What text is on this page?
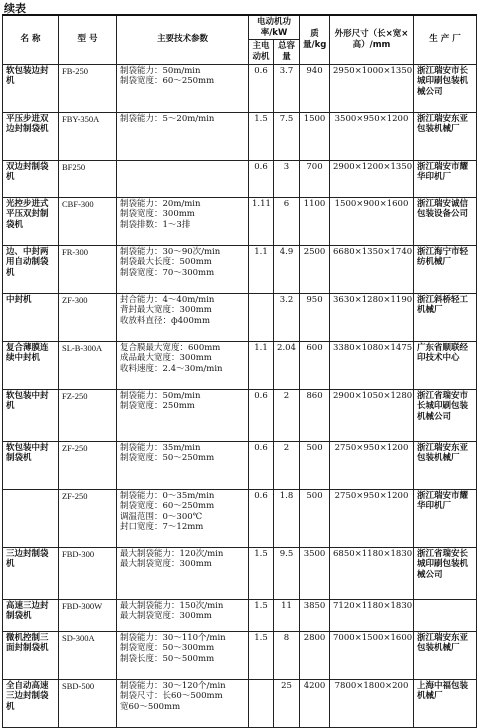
续表
名 称	型 号	主要技术参数	电动机功率/kW		质量/kg	外形尺寸（长×宽×高）/mm	生 产 厂
			主电动机	总容量			
软包装边封机	FB-250	制袋能力：50m/min
制袋宽度：60～250mm	0.6	3.7	940	2950×1000×1350	浙江瑞安市长城印刷包装机械公司
平压步进双边封制袋机	FBY-350A	制袋能力：5～20m/min	1.5	7.5	1500	3500×950×1200	浙江瑞安东亚包装机械厂
双边封制袋机	BF250		0.6	3	700	2900×1200×1350	浙江瑞安市耀华印机厂
光控步进式平压双封制袋机	CBF-300	制袋能力：20m/min
制袋宽度：300mm
制袋排数：1～3排	1.11	6	1100	1500×900×1600	浙江瑞安诚信包装设备公司
边、中封两用自动制袋机	FR-300	制袋能力：30～90次/min
制袋最大长度：500mm
制袋宽度：70～300mm	1.1	4.9	2500	6680×1350×1740	浙江海宁市轻纺机械厂
中封机	ZF-300	封合能力：4～40m/min
背封最大宽度：300mm
收放料直径：ф400mm		3.2	950	3630×1280×1190	浙江斜桥轻工机械厂
复合薄膜连续中封机	SL-B-300A	复合膜最大宽度：600mm
成品最大宽度：300mm
收料速度：2.4～30m/min	1.1	2.04	600	3380×1080×1475	广东省顺联经印技术中心
软包装中封机	FZ-250	制袋能力：50m/min
制袋宽度：250mm	0.6	2	860	2900×1050×1280	浙江省瑞安市长城印刷包装机械公司
软包装中封制袋机	ZF-250	制袋能力：35m/min
制袋宽度：50～250mm	0.6	2	500	2750×950×1200	浙江瑞安东亚包装机械厂
	ZF-250	制袋能力：0～35m/min
制袋宽度：60～250mm
调温范围：0～300℃
封口宽度：7～12mm	0.6	1.8	500	2750×950×1200	浙江瑞安市耀华印机厂
三边封制袋机	FBD-300	最大制袋能力：120次/min
最大制袋宽度：300mm	1.5	9.5	3500	6850×1180×1830	浙江省瑞安长城印刷包装机械公司
高速三边封制袋机	FBD-300W	最大制袋能力：150次/min
最大制袋宽度：300mm	1.5	11	3850	7120×1180×1830	
微机控制三面封制袋机	SD-300A	制袋能力：30～110个/min
制袋宽度：50～300mm
制袋长度：50～500mm	1.5	8	2800	7000×1500×1600	浙江瑞安东亚包装机械厂
全自动高速三边封制袋机	SBD-500	制袋能力：30～120个/min
制袋尺寸：长60～500mm
宽60～500mm		25	4200	7800×1800×200	上海中福包装机械厂
